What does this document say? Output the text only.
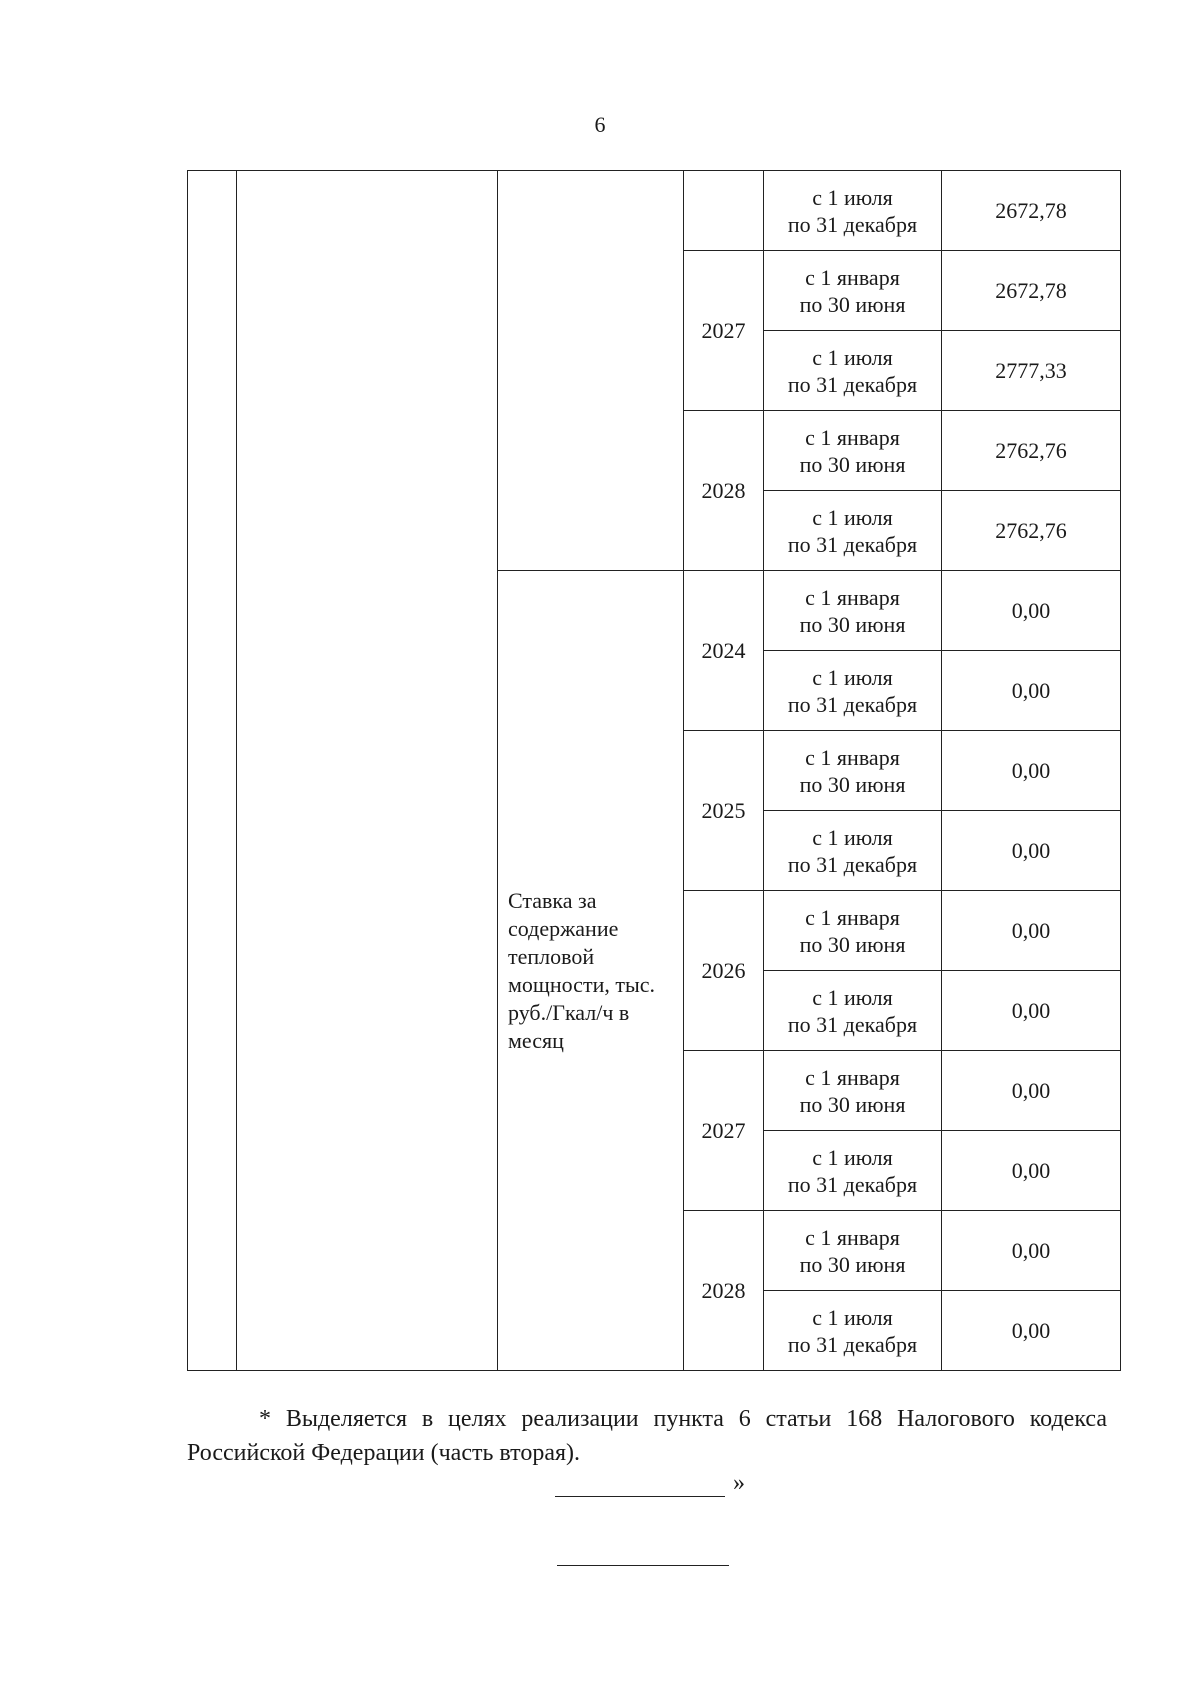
6
				с 1 июля
по 31 декабря	2672,78
			2027	с 1 января
по 30 июня	2672,78
				с 1 июля
по 31 декабря	2777,33
			2028	с 1 января
по 30 июня	2762,76
				с 1 июля
по 31 декабря	2762,76
		Ставка за содержание тепловой мощности, тыс. руб./Гкал/ч в месяц	2024	с 1 января
по 30 июня	0,00
				с 1 июля
по 31 декабря	0,00
			2025	с 1 января
по 30 июня	0,00
				с 1 июля
по 31 декабря	0,00
			2026	с 1 января
по 30 июня	0,00
				с 1 июля
по 31 декабря	0,00
			2027	с 1 января
по 30 июня	0,00
				с 1 июля
по 31 декабря	0,00
			2028	с 1 января
по 30 июня	0,00
				с 1 июля
по 31 декабря	0,00
* Выделяется в целях реализации пункта 6 статьи 168 Налогового кодекса Российской Федерации (часть вторая).
»
